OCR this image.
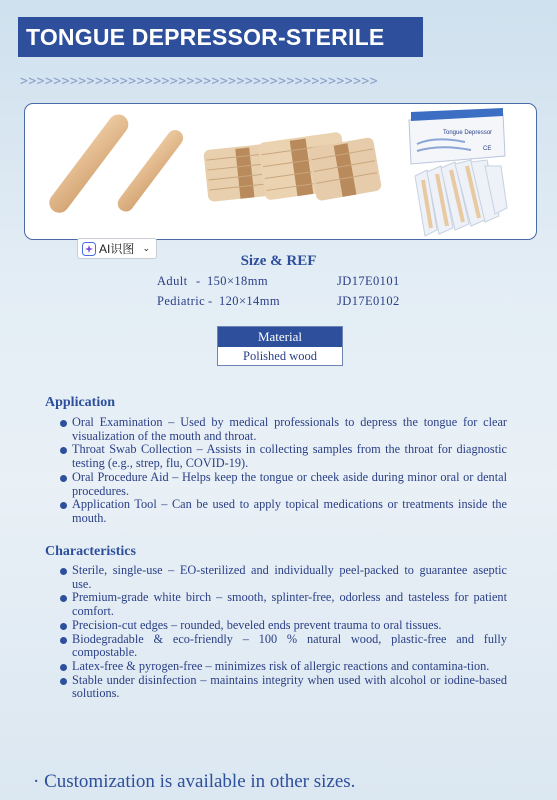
TONGUE DEPRESSOR-STERILE
>>>>>>>>>>>>>>>>>>>>>>>>>>>>>>>>>>>>>>>>>>>
Tongue Depressor
CE
AI识图 ⌄
Size & REF
Adult - 150×18mm	JD17E0101
Pediatric - 120×14mm	JD17E0102
Material
Polished wood
Application
Oral Examination – Used by medical professionals to depress the tongue for clear visualization of the mouth and throat.
Throat Swab Collection – Assists in collecting samples from the throat for diagnostic testing (e.g., strep, flu, COVID-19).
Oral Procedure Aid – Helps keep the tongue or cheek aside during minor oral or dental procedures.
Application Tool – Can be used to apply topical medications or treatments inside the mouth.
Characteristics
Sterile, single-use – EO-sterilized and individually peel-packed to guarantee aseptic use.
Premium-grade white birch – smooth, splinter-free, odorless and tasteless for patient comfort.
Precision-cut edges – rounded, beveled ends prevent trauma to oral tissues.
Biodegradable & eco-friendly – 100 % natural wood, plastic-free and fully compostable.
Latex-free & pyrogen-free – minimizes risk of allergic reactions and contamina-tion.
Stable under disinfection – maintains integrity when used with alcohol or iodine-based solutions.
· Customization is available in other sizes.
